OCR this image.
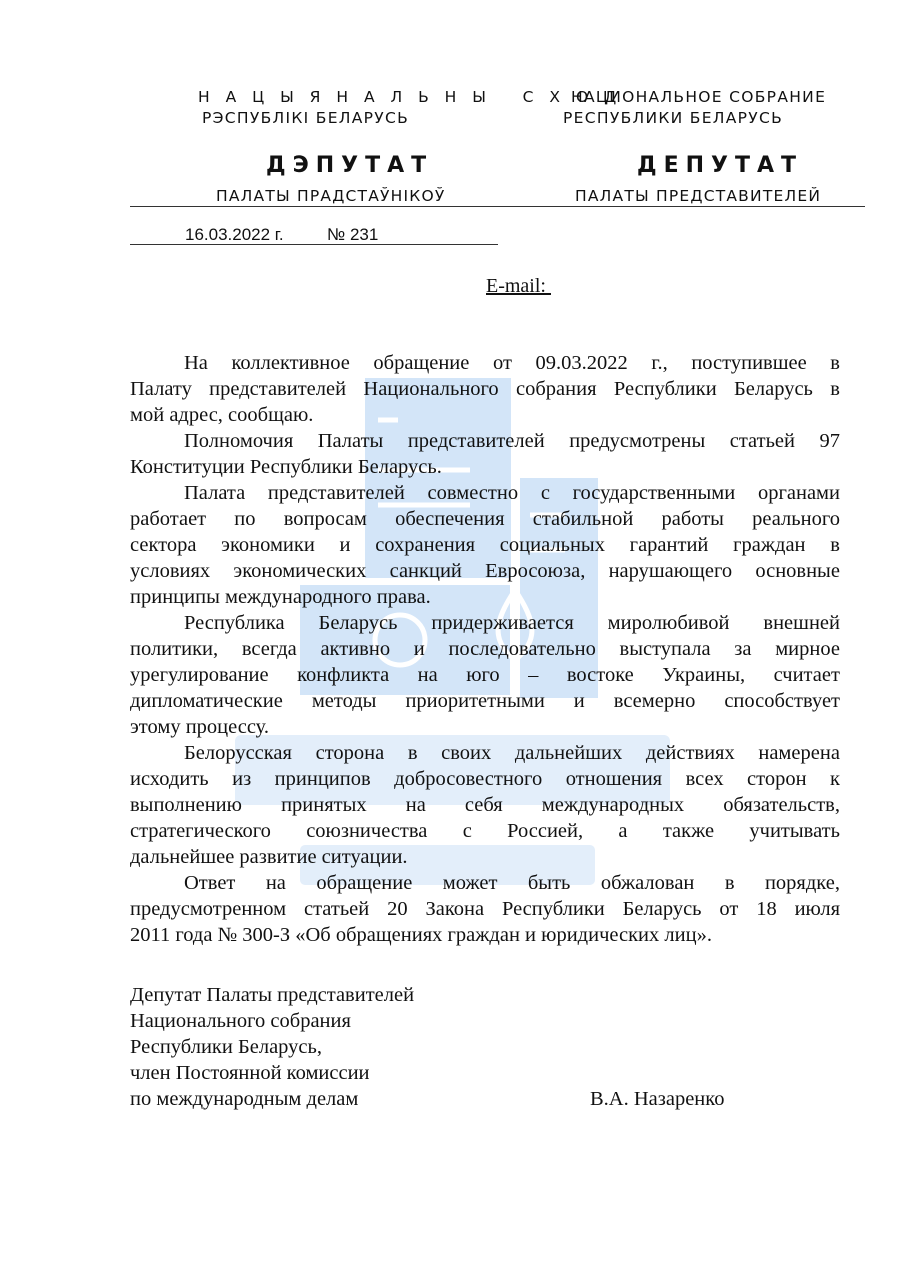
Н А Ц Ы Я Н А Л Ь Н Ы   С Х О Д
РЭСПУБЛІКІ БЕЛАРУСЬ
НАЦИОНАЛЬНОЕ СОБРАНИЕ
РЕСПУБЛИКИ БЕЛАРУСЬ
ДЭПУТАТ	ДЕПУТАТ
ПАЛАТЫ ПРАДСТАЎНІКОЎ	ПАЛАТЫ ПРЕДСТАВИТЕЛЕЙ
16.03.2022 г.	№ 231
E-mail:
На коллективное обращение от 09.03.2022 г., поступившее в
Палату представителей Национального собрания Республики Беларусь в
мой адрес, сообщаю.
Полномочия Палаты представителей предусмотрены статьей 97
Конституции Республики Беларусь.
Палата представителей совместно с государственными органами
работает по вопросам обеспечения стабильной работы реального
сектора экономики и сохранения социальных гарантий граждан в
условиях экономических санкций Евросоюза, нарушающего основные
принципы международного права.
Республика Беларусь придерживается миролюбивой внешней
политики, всегда активно и последовательно выступала за мирное
урегулирование конфликта на юго – востоке Украины, считает
дипломатические методы приоритетными и всемерно способствует
этому процессу.
Белорусская сторона в своих дальнейших действиях намерена
исходить из принципов добросовестного отношения всех сторон к
выполнению принятых на себя международных обязательств,
стратегического союзничества с Россией, а также учитывать
дальнейшее развитие ситуации.
Ответ на обращение может быть обжалован в порядке,
предусмотренном статьей 20 Закона Республики Беларусь от 18 июля
2011 года № 300-З «Об обращениях граждан и юридических лиц».
Депутат Палаты представителей
Национального собрания
Республики Беларусь,
член Постоянной комиссии
по международным делам	В.А. Назаренко
